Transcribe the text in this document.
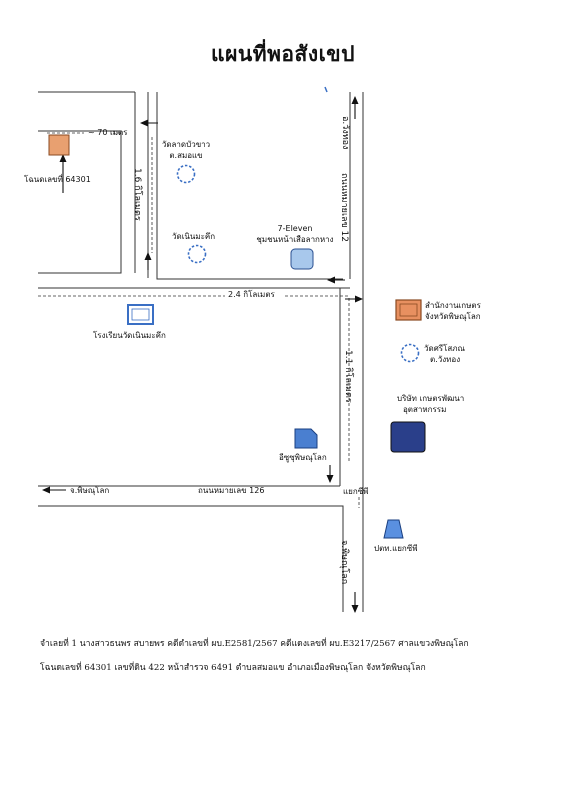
แผนที่พอสังเขป
~ 70 เมตร
โฉนดเลขที่ 64301
วัดลาดบัวขาว
ต.สมอแข
วัดเนินมะคึก
7-Eleven
ชุมชนหน้าเสือลากหาง
2.4 กิโลเมตร
โรงเรียนวัดเนินมะคึก
สำนักงานเกษตร
จังหวัดพิษณุโลก
วัดศรีโสภณ
ต.วังทอง
บริษัท เกษตรพัฒนา
อุตสาหกรรม
อีซูซุพิษณุโลก
จ.พิษณุโลก	ถนนหมายเลข 126	แยกซีพี
ปตท.แยกซีพี
1.6 กิโลเมตร
อ.วังทอง
ถนนหมายเลข 12
1.1 กิโลเมตร
จ.พิษณุโลก
จำเลยที่ 1 นางสาวธนพร สบายพร คดีดำเลขที่ ผบ.E2581/2567 คดีแดงเลขที่ ผบ.E3217/2567 ศาลแขวงพิษณุโลก
โฉนดเลขที่ 64301 เลขที่ดิน 422 หน้าสำรวจ 6491 ตำบลสมอแข อำเภอเมืองพิษณุโลก จังหวัดพิษณุโลก
